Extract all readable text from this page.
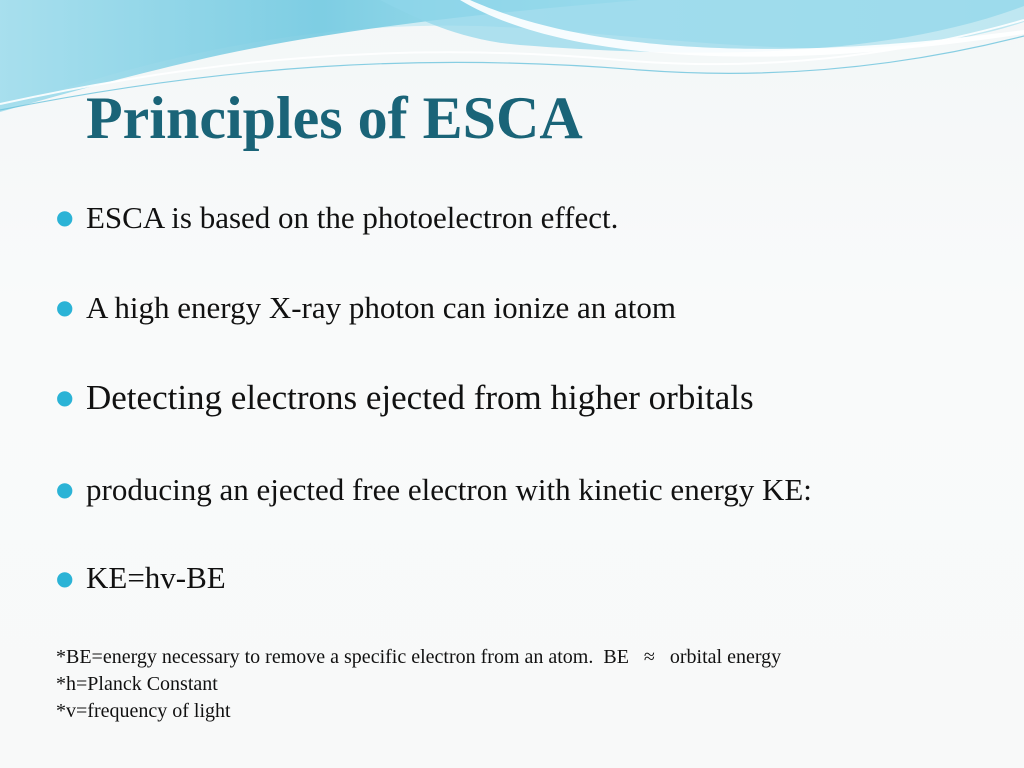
Principles of ESCA
● ESCA is based on the photoelectron effect.
● A high energy X-ray photon can ionize an atom
● Detecting electrons ejected from higher orbitals
● producing an ejected free electron with kinetic energy KE:
● KE=hv-BE
*BE=energy necessary to remove a specific electron from an atom.  BE   ≈   orbital energy
*h=Planck Constant
*v=frequency of light
